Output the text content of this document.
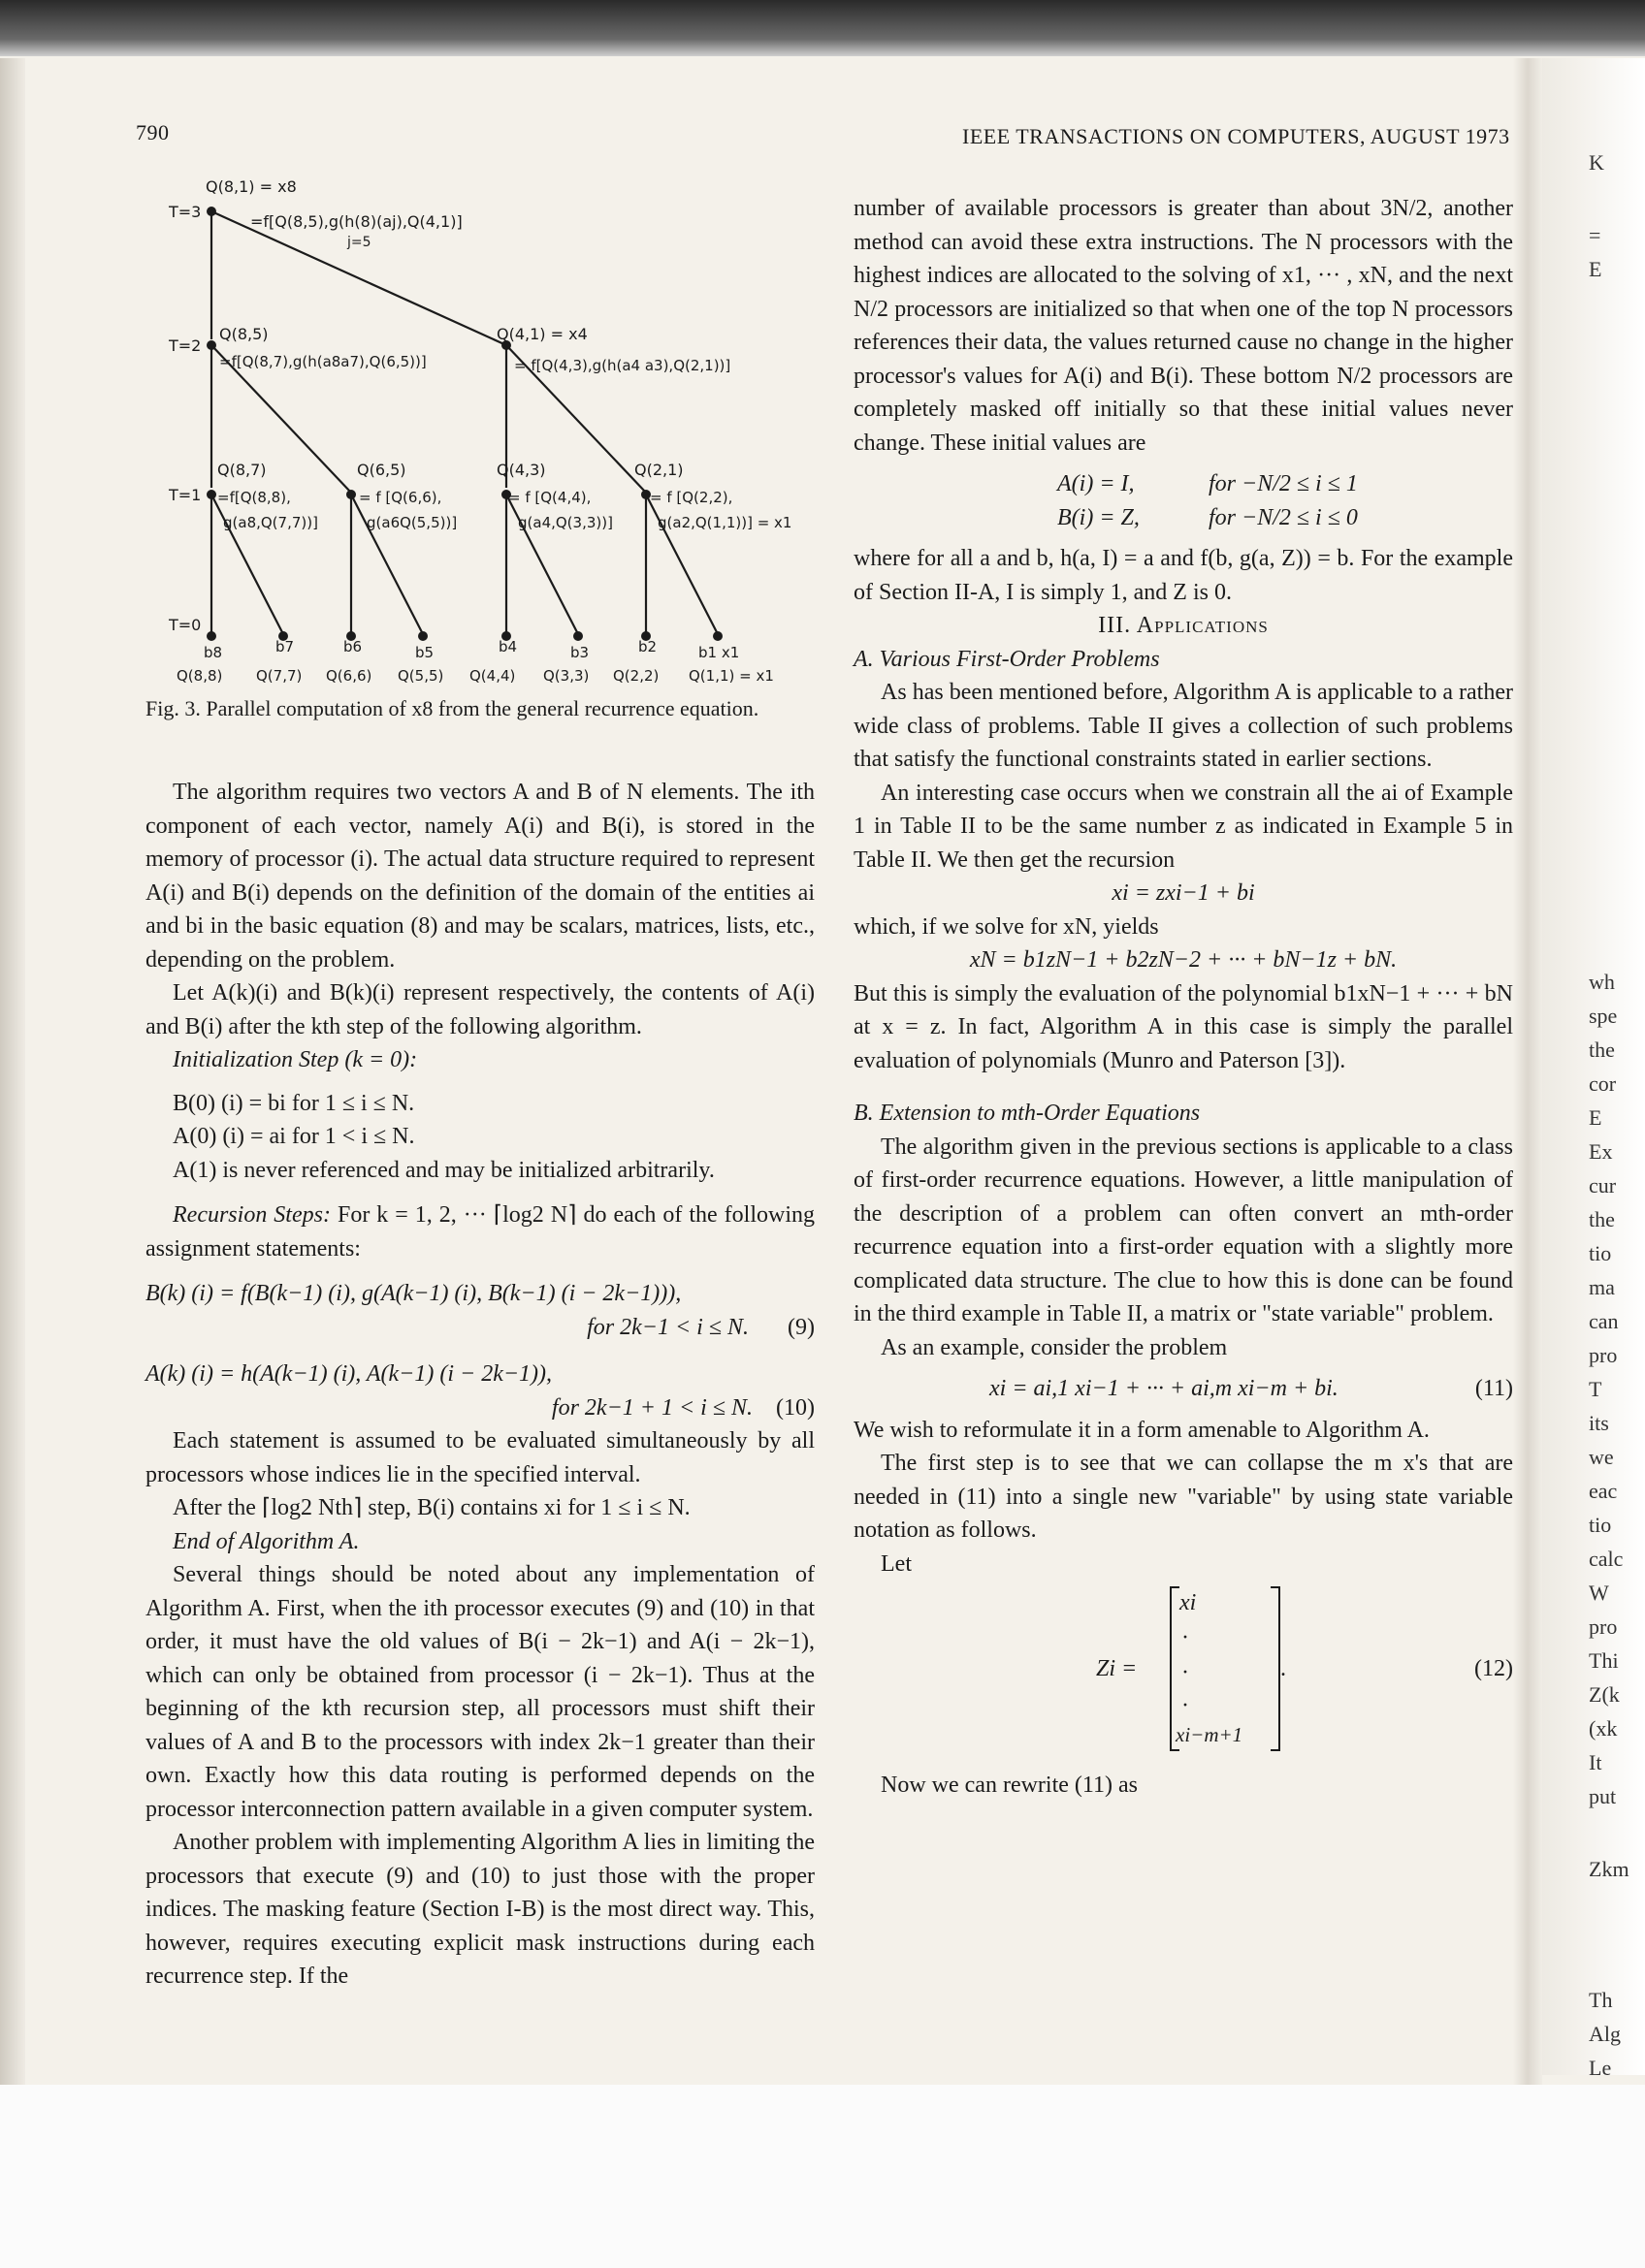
790	IEEE TRANSACTIONS ON COMPUTERS, AUGUST 1973
T=3
T=2
T=1
T=0
Q(8,1) = x8
=f[Q(8,5),g(h(8)(aj),Q(4,1)]
j=5
Q(8,5)
=f[Q(8,7),g(h(a8a7),Q(6,5))]
Q(4,1) = x4
= f[Q(4,3),g(h(a4 a3),Q(2,1))]
Q(8,7)
=f[Q(8,8),
g(a8,Q(7,7))]
Q(6,5)
= f [Q(6,6),
g(a6Q(5,5))]
Q(4,3)
= f [Q(4,4),
g(a4,Q(3,3))]
Q(2,1)
= f [Q(2,2),
g(a2,Q(1,1))] = x1
b8	b7	b6	b5	b4	b3	b2	b1 x1
Q(8,8) Q(7,7) Q(6,6) Q(5,5) Q(4,4) Q(3,3) Q(2,2) Q(1,1) = x1
Fig. 3. Parallel computation of x8 from the general recurrence equation.

The algorithm requires two vectors A and B of N elements. The ith component of each vector, namely A(i) and B(i), is stored in the memory of processor (i). The actual data structure required to represent A(i) and B(i) depends on the definition of the domain of the entities ai and bi in the basic equation (8) and may be scalars, matrices, lists, etc., depending on the problem.

Let A(k)(i) and B(k)(i) represent respectively, the contents of A(i) and B(i) after the kth step of the following algorithm.

Initialization Step (k = 0):

B(0) (i) = bi for 1 ≤ i ≤ N.

A(0) (i) = ai for 1 < i ≤ N.

A(1) is never referenced and may be initialized arbitrarily.

Recursion Steps: For k = 1, 2, ··· ⌈log2 N⌉ do each of the following assignment statements:

B(k) (i) = f(B(k−1) (i), g(A(k−1) (i), B(k−1) (i − 2k−1))),

for 2k−1 < i ≤ N. (9)

A(k) (i) = h(A(k−1) (i), A(k−1) (i − 2k−1)),

for 2k−1 + 1 < i ≤ N. (10)

Each statement is assumed to be evaluated simultaneously by all processors whose indices lie in the specified interval.

After the ⌈log2 Nth⌉ step, B(i) contains xi for 1 ≤ i ≤ N.

End of Algorithm A.

Several things should be noted about any implementation of Algorithm A. First, when the ith processor executes (9) and (10) in that order, it must have the old values of B(i − 2k−1) and A(i − 2k−1), which can only be obtained from processor (i − 2k−1). Thus at the beginning of the kth recursion step, all processors must shift their values of A and B to the processors with index 2k−1 greater than their own. Exactly how this data routing is performed depends on the processor interconnection pattern available in a given computer system.

Another problem with implementing Algorithm A lies in limiting the processors that execute (9) and (10) to just those with the proper indices. The masking feature (Section I-B) is the most direct way. This, however, requires executing explicit mask instructions during each recurrence step. If the

number of available processors is greater than about 3N/2, another method can avoid these extra instructions. The N processors with the highest indices are allocated to the solving of x1, ··· , xN, and the next N/2 processors are initialized so that when one of the top N processors references their data, the values returned cause no change in the higher processor's values for A(i) and B(i). These bottom N/2 processors are completely masked off initially so that these initial values never change. These initial values are

A(i) = I,	for −N/2 ≤ i ≤ 1
B(i) = Z,	for −N/2 ≤ i ≤ 0

where for all a and b, h(a, I) = a and f(b, g(a, Z)) = b. For the example of Section II-A, I is simply 1, and Z is 0.

III. Applications

A. Various First-Order Problems

As has been mentioned before, Algorithm A is applicable to a rather wide class of problems. Table II gives a collection of such problems that satisfy the functional constraints stated in earlier sections.

An interesting case occurs when we constrain all the ai of Example 1 in Table II to be the same number z as indicated in Example 5 in Table II. We then get the recursion

xi = zxi−1 + bi

which, if we solve for xN, yields

xN = b1zN−1 + b2zN−2 + ··· + bN−1z + bN.

But this is simply the evaluation of the polynomial b1xN−1 + ··· + bN at x = z. In fact, Algorithm A in this case is simply the parallel evaluation of polynomials (Munro and Paterson [3]).

B. Extension to mth-Order Equations

The algorithm given in the previous sections is applicable to a class of first-order recurrence equations. However, a little manipulation of the description of a problem can often convert an mth-order recurrence equation into a first-order equation with a slightly more complicated data structure. The clue to how this is done can be found in the third example in Table II, a matrix or "state variable" problem.

As an example, consider the problem

xi = ai,1 xi−1 + ··· + ai,m xi−m + bi.	(11)

We wish to reformulate it in a form amenable to Algorithm A.

The first step is to see that we can collapse the m x's that are needed in (11) into a single new "variable" by using state variable notation as follows.

Let

Zi =
xi
·
·
·
xi−m+1
.	(12)

Now we can rewrite (11) as

K
=
E
wh
spe
the
cor
E
Ex
cur
the
tio
ma
can
pro
T
its
we
eac
tio
calc
W
pro
Thi
Z(k
(xk
It
put
Zkm
Th
Alg
Le
